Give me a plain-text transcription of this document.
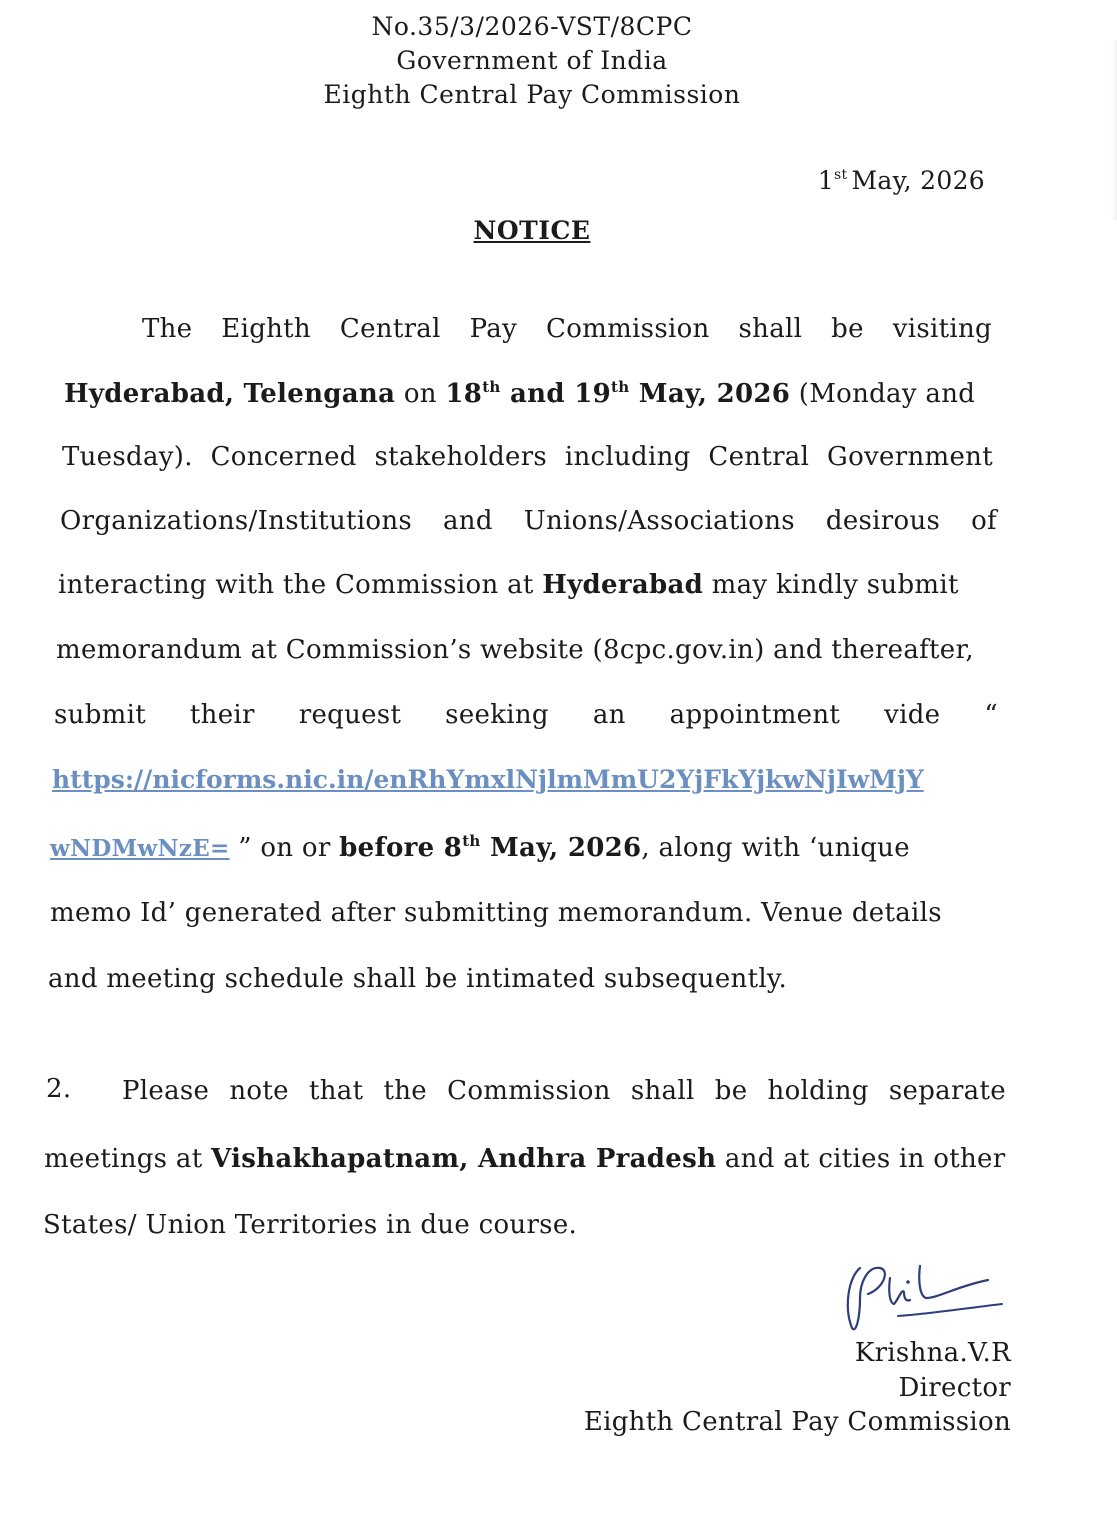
No.35/3/2026-VST/8CPC
Government of India
Eighth Central Pay Commission
1st May, 2026
NOTICE
The Eighth Central Pay Commission shall be visiting
Hyderabad, Telengana on 18th and 19th May, 2026 (Monday and
Tuesday). Concerned stakeholders including Central Government
Organizations/Institutions and Unions/Associations desirous of
interacting with the Commission at Hyderabad may kindly submit
memorandum at Commission’s website (8cpc.gov.in) and thereafter,
submit their request seeking an appointment vide “
https://nicforms.nic.in/enRhYmxlNjlmMmU2YjFkYjkwNjIwMjY
wNDMwNzE= ” on or before 8th May, 2026, along with ‘unique
memo Id’ generated after submitting memorandum. Venue details
and meeting schedule shall be intimated subsequently.
2. Please note that the Commission shall be holding separate
meetings at Vishakhapatnam, Andhra Pradesh and at cities in other
States/ Union Territories in due course.
Krishna.V.R
Director
Eighth Central Pay Commission
